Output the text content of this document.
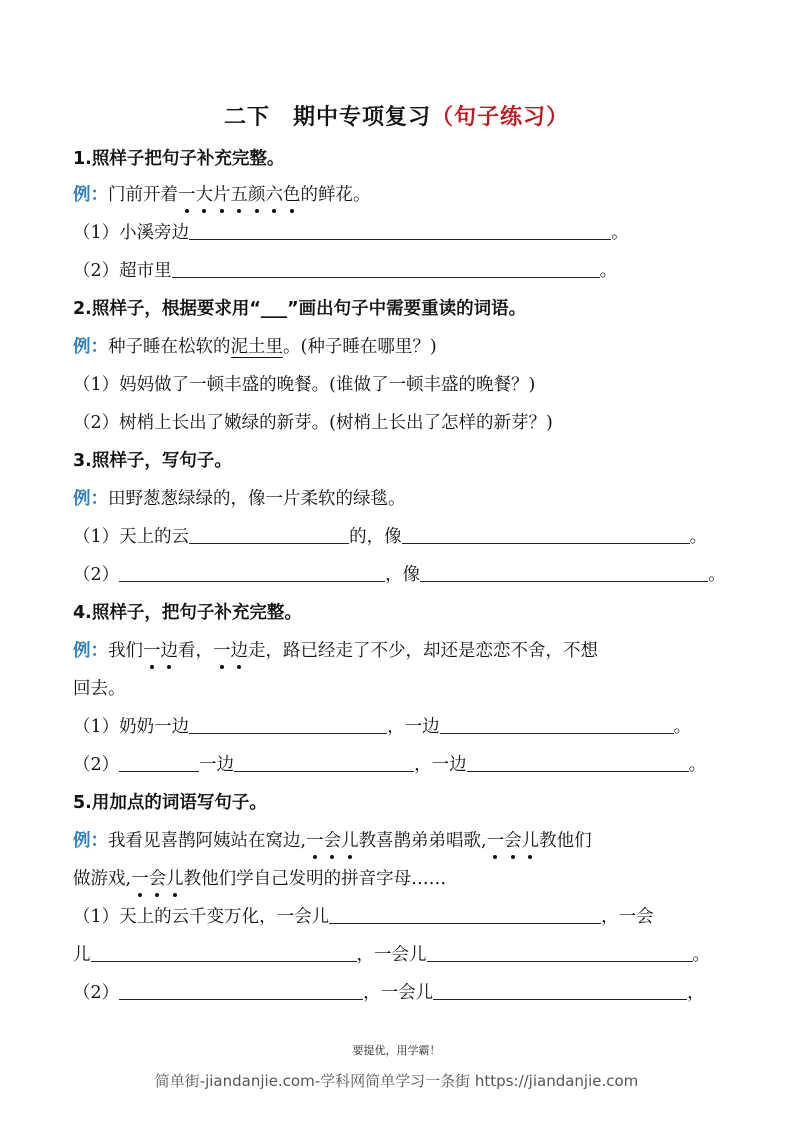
二下　期中专项复习（句子练习）
1.照样子把句子补充完整。
例：门前开着一大片五颜六色的鲜花。
（1）小溪旁边	。
（2）超市里	。
2.照样子，根据要求用“___”画出句子中需要重读的词语。
例：种子睡在松软的泥土里。(种子睡在哪里？)
（1）妈妈做了一顿丰盛的晚餐。(谁做了一顿丰盛的晚餐？)
（2）树梢上长出了嫩绿的新芽。(树梢上长出了怎样的新芽？)
3.照样子，写句子。
例：田野葱葱绿绿的，像一片柔软的绿毯。
（1）天上的云	的，像	。
（2）	，像	。
4.照样子，把句子补充完整。
例：我们一边看，一边走，路已经走了不少，却还是恋恋不舍，不想
回去。
（1）奶奶一边	，一边	。
（2）	一边	，一边	。
5.用加点的词语写句子。
例：我看见喜鹊阿姨站在窝边,一会儿教喜鹊弟弟唱歌,一会儿教他们
做游戏,一会儿教他们学自己发明的拼音字母……
（1）天上的云千变万化，一会儿	，一会
儿	，一会儿	。
（2）	，一会儿	，
要提优，用学霸！
简单街-jiandanjie.com-学科网简单学习一条街 https://jiandanjie.com
